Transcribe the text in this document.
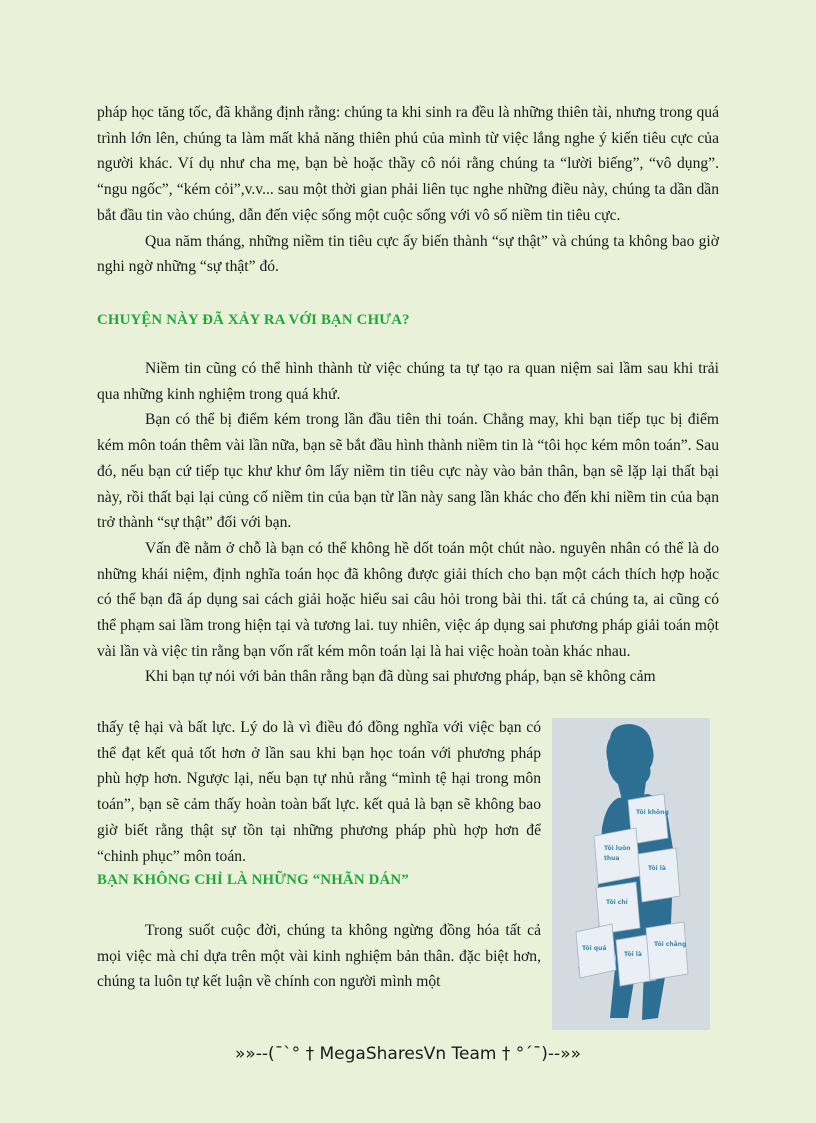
pháp học tăng tốc, đã khẳng định rằng: chúng ta khi sinh ra đều là những thiên tài, nhưng trong quá trình lớn lên, chúng ta làm mất khả năng thiên phú của mình từ việc lắng nghe ý kiến tiêu cực của người khác. Ví dụ như cha mẹ, bạn bè hoặc thầy cô nói rằng chúng ta “lười biếng”, “vô dụng”. “ngu ngốc”, “kém cỏi”,v.v... sau một thời gian phải liên tục nghe những điều này, chúng ta dần dần bắt đầu tin vào chúng, dẫn đến việc sống một cuộc sống với vô số niềm tin tiêu cực.

Qua năm tháng, những niềm tin tiêu cực ấy biến thành “sự thật” và chúng ta không bao giờ nghi ngờ những “sự thật” đó.

CHUYỆN NÀY ĐÃ XẢY RA VỚI BẠN CHƯA?

Niềm tin cũng có thể hình thành từ việc chúng ta tự tạo ra quan niệm sai lầm sau khi trải qua những kinh nghiệm trong quá khứ.

Bạn có thể bị điểm kém trong lần đầu tiên thi toán. Chẳng may, khi bạn tiếp tục bị điểm kém môn toán thêm vài lần nữa, bạn sẽ bắt đầu hình thành niềm tin là “tôi học kém môn toán”. Sau đó, nếu bạn cứ tiếp tục khư khư ôm lấy niềm tin tiêu cực này vào bản thân, bạn sẽ lặp lại thất bại này, rồi thất bại lại củng cố niềm tin của bạn từ lần này sang lần khác cho đến khi niềm tin của bạn trở thành “sự thật” đối với bạn.

Vấn đề nằm ở chỗ là bạn có thể không hề dốt toán một chút nào. nguyên nhân có thể là do những khái niệm, định nghĩa toán học đã không được giải thích cho bạn một cách thích hợp hoặc có thể bạn đã áp dụng sai cách giải hoặc hiểu sai câu hỏi trong bài thi. tất cả chúng ta, ai cũng có thể phạm sai lầm trong hiện tại và tương lai. tuy nhiên, việc áp dụng sai phương pháp giải toán một vài lần và việc tin rằng bạn vốn rất kém môn toán lại là hai việc hoàn toàn khác nhau.

Khi bạn tự nói với bản thân rằng bạn đã dùng sai phương pháp, bạn sẽ không cảm

thấy tệ hại và bất lực. Lý do là vì điều đó đồng nghĩa với việc bạn có thể đạt kết quả tốt hơn ở lần sau khi bạn học toán với phương pháp phù hợp hơn. Ngược lại, nếu bạn tự nhủ rằng “mình tệ hại trong môn toán”, bạn sẽ cảm thấy hoàn toàn bất lực. kết quả là bạn sẽ không bao giờ biết rằng thật sự tồn tại những phương pháp phù hợp hơn để “chinh phục” môn toán.

BẠN KHÔNG CHỈ LÀ NHỮNG “NHÃN DÁN”

Trong suốt cuộc đời, chúng ta không ngừng đồng hóa tất cả mọi việc mà chỉ dựa trên một vài kinh nghiệm bản thân. đặc biệt hơn, chúng ta luôn tự kết luận về chính con người mình một

Tôi không
Tôi luôn
thua
Tôi là
Tôi chỉ
Tôi quá
Tôi là
Tôi chẳng
»»--(¯`° † MegaSharesVn Team † °´¯)--»»
